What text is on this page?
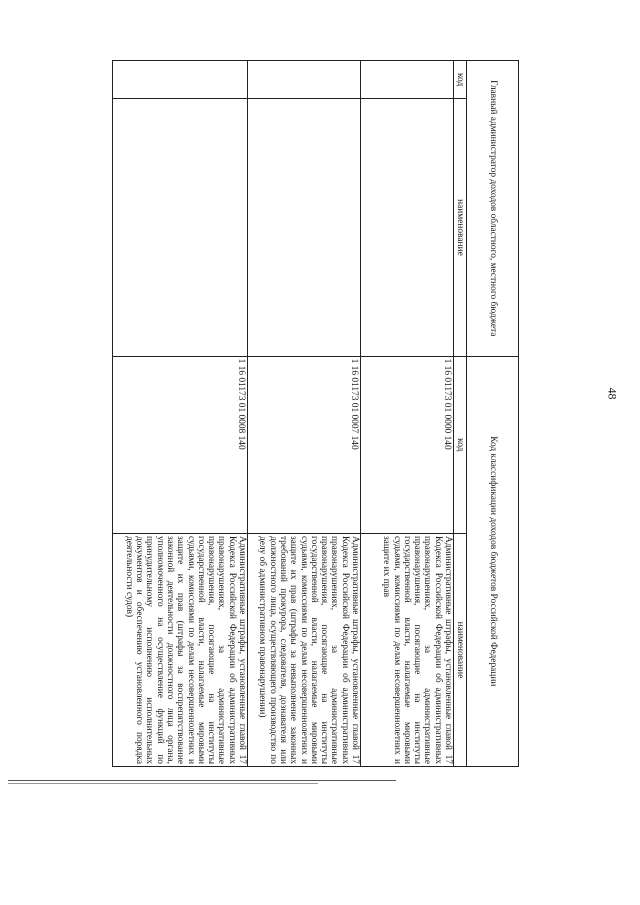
48
Главный администратор доходов областного, местного бюджета		Код классификации доходов бюджетов Российской Федерации	
код	наименование	код	наименование
		1 16 01173 01 0000 140	Административные штрафы, установленные главой 17 Кодекса Российской Федерации об административных правонарушениях, за административные правонарушения, посягающие на институты государственной власти, налагаемые мировыми судьями, комиссиями по делам несовершеннолетних и защите их прав
		1 16 01173 01 0007 140	Административные штрафы, установленные главой 17 Кодекса Российской Федерации об административных правонарушениях, за административные правонарушения, посягающие на институты государственной власти, налагаемые мировыми судьями, комиссиями по делам несовершеннолетних и защите их прав (штрафы за невыполнение законных требований прокурора, следователя, дознавателя или должностного лица, осуществляющего производство по делу об административном правонарушении)
		1 16 01173 01 0008 140	Административные штрафы, установленные главой 17 Кодекса Российской Федерации об административных правонарушениях, за административные правонарушения, посягающие на институты государственной власти, налагаемые мировыми судьями, комиссиями по делам несовершеннолетних и защите их прав (штрафы за воспрепятствование законной деятельности должностного лица органа, уполномоченного на осуществление функций по принудительному исполнению исполнительных документов и обеспечению установленного порядка деятельности судов)
